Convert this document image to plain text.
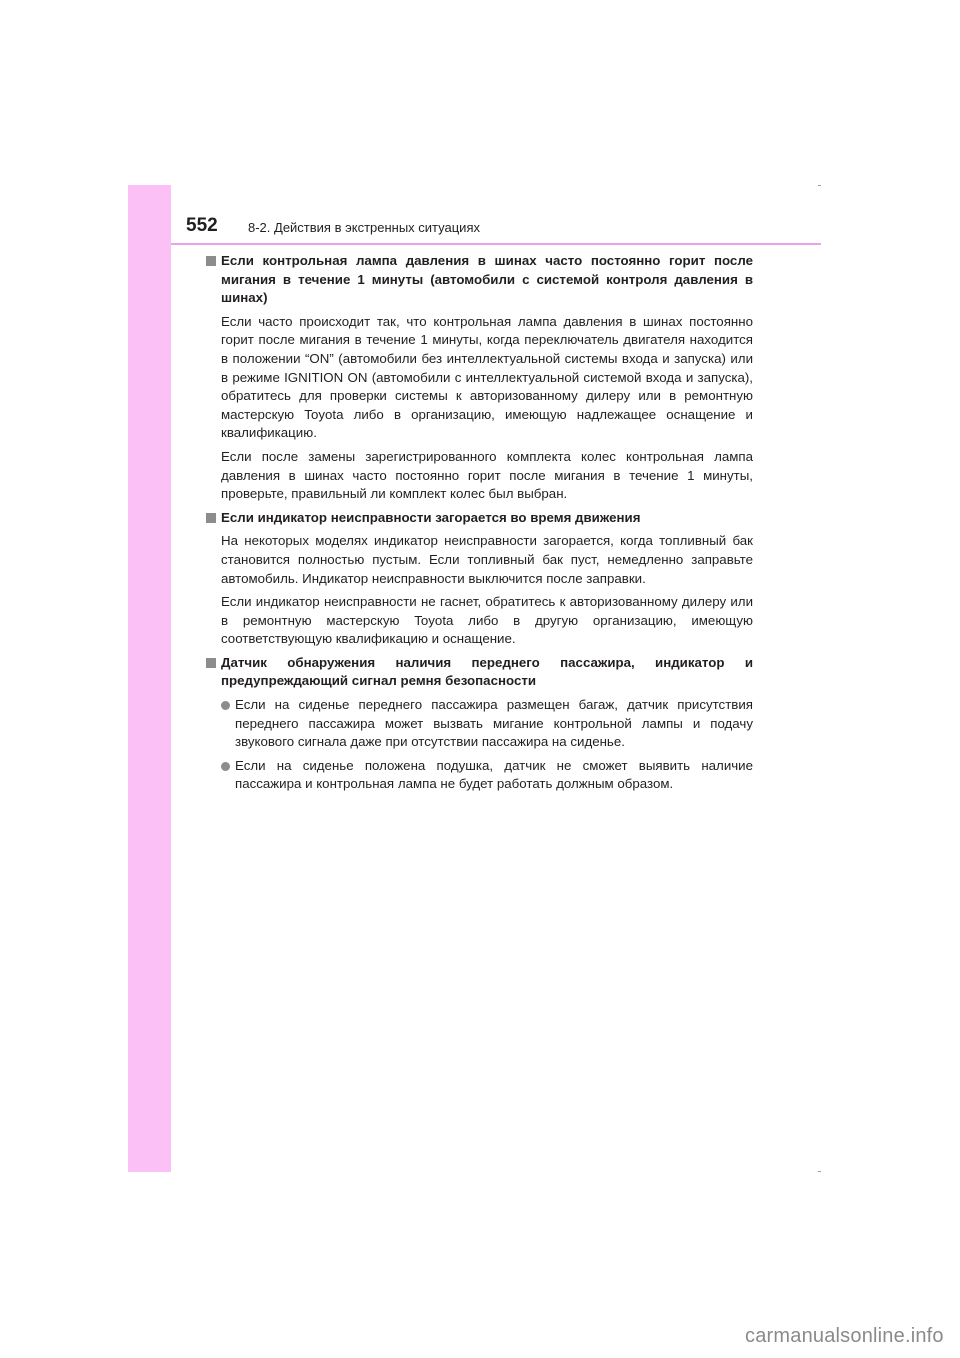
552 8-2. Действия в экстренных ситуациях
Если контрольная лампа давления в шинах часто постоянно горит после мигания в течение 1 минуты (автомобили с системой контроля давления в шинах)

Если часто происходит так, что контрольная лампа давления в шинах постоянно горит после мигания в течение 1 минуты, когда переключатель двигателя находится в положении “ON” (автомобили без интеллектуальной системы входа и запуска) или в режиме IGNITION ON (автомобили с интеллектуальной системой входа и запуска), обратитесь для проверки системы к авторизованному дилеру или в ремонтную мастерскую Toyota либо в организацию, имеющую надлежащее оснащение и квалификацию.

Если после замены зарегистрированного комплекта колес контрольная лампа давления в шинах часто постоянно горит после мигания в течение 1 минуты, проверьте, правильный ли комплект колес был выбран.

Если индикатор неисправности загорается во время движения

На некоторых моделях индикатор неисправности загорается, когда топливный бак становится полностью пустым. Если топливный бак пуст, немедленно заправьте автомобиль. Индикатор неисправности выключится после заправки.

Если индикатор неисправности не гаснет, обратитесь к авторизованному дилеру или в ремонтную мастерскую Toyota либо в другую организацию, имеющую соответствующую квалификацию и оснащение.

Датчик обнаружения наличия переднего пассажира, индикатор и предупреждающий сигнал ремня безопасности
Если на сиденье переднего пассажира размещен багаж, датчик присутствия переднего пассажира может вызвать мигание контрольной лампы и подачу звукового сигнала даже при отсутствии пассажира на сиденье.
Если на сиденье положена подушка, датчик не сможет выявить наличие пассажира и контрольная лампа не будет работать должным образом.
carmanualsonline.info
